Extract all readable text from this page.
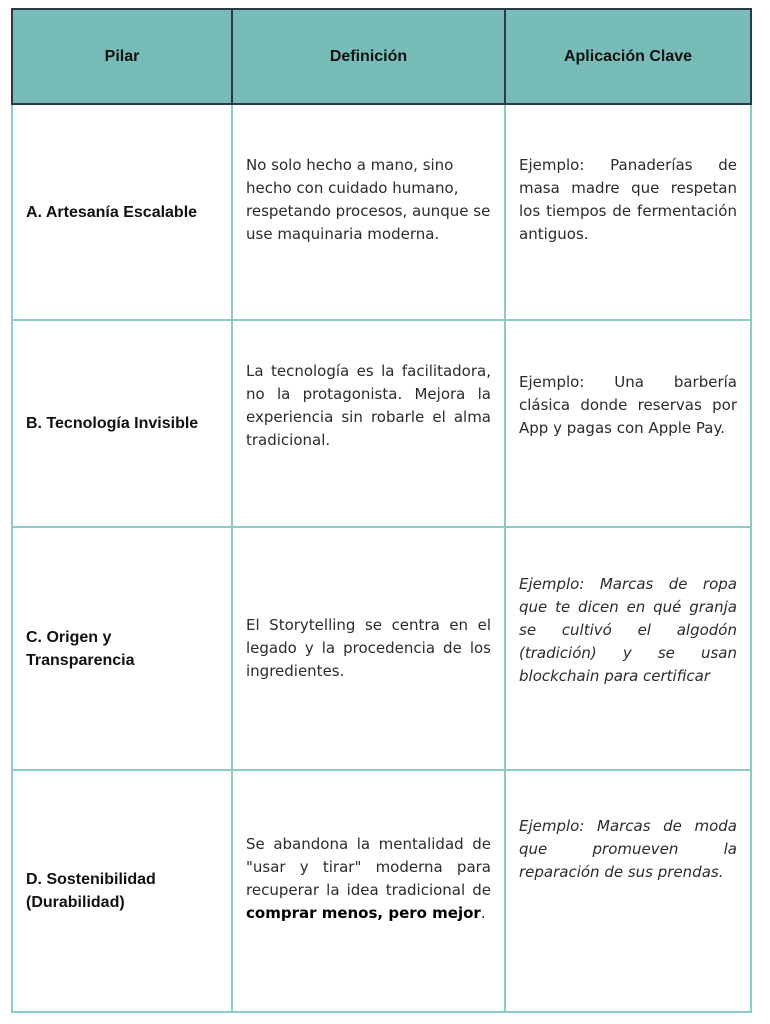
Pilar	Definición	Aplicación Clave

A. Artesanía Escalable	No solo hecho a mano, sino hecho con cuidado humano, respetando procesos, aunque se use maquinaria moderna.	Ejemplo: Panaderías de masa madre que respetan los tiempos de fermentación antiguos.

B. Tecnología Invisible	La tecnología es la facilitadora, no la protagonista. Mejora la experiencia sin robarle el alma tradicional.	Ejemplo: Una barbería clásica donde reservas por App y pagas con Apple Pay.

C. Origen y Transparencia	El Storytelling se centra en el legado y la procedencia de los ingredientes.	Ejemplo: Marcas de ropa que te dicen en qué granja se cultivó el algodón (tradición) y se usan blockchain para certificar

D. Sostenibilidad (Durabilidad)	Se abandona la mentalidad de "usar y tirar" moderna para recuperar la idea tradicional de comprar menos, pero mejor.	Ejemplo: Marcas de moda que promueven la reparación de sus prendas.
